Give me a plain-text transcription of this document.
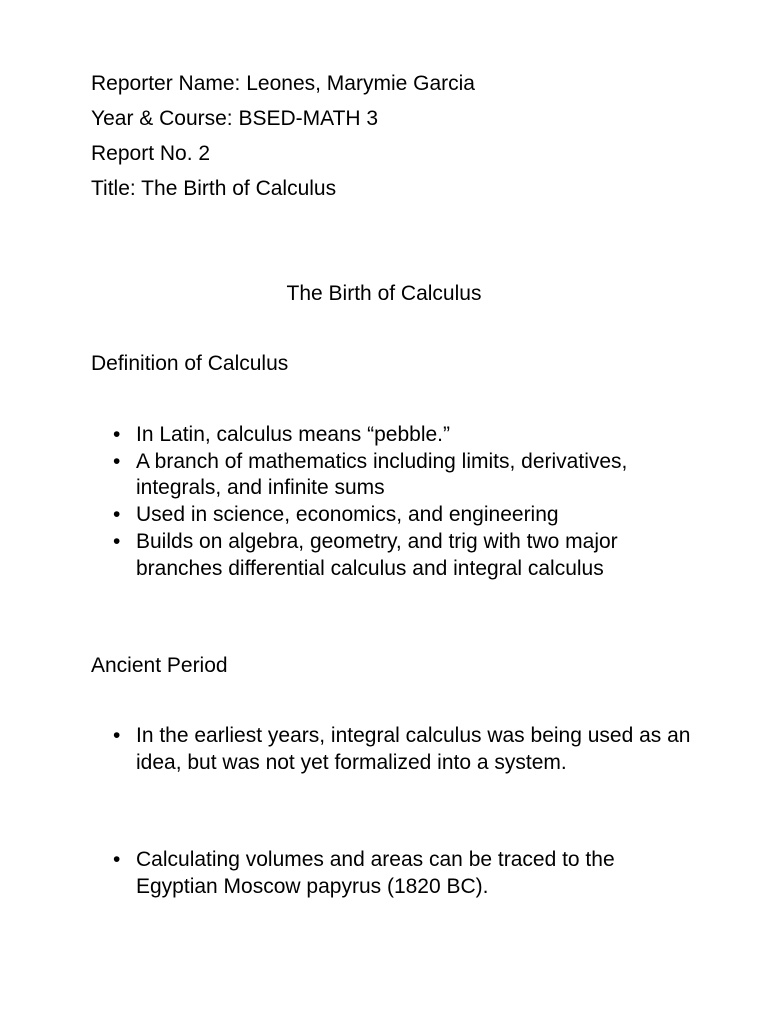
Reporter Name: Leones, Marymie Garcia

Year & Course: BSED-MATH 3

Report No. 2

Title: The Birth of Calculus

The Birth of Calculus

Definition of Calculus

• In Latin, calculus means “pebble.”
• A branch of mathematics including limits, derivatives, integrals, and infinite sums
• Used in science, economics, and engineering
• Builds on algebra, geometry, and trig with two major branches differential calculus and integral calculus

Ancient Period

• In the earliest years, integral calculus was being used as an idea, but was not yet formalized into a system.
• Calculating volumes and areas can be traced to the Egyptian Moscow papyrus (1820 BC).
